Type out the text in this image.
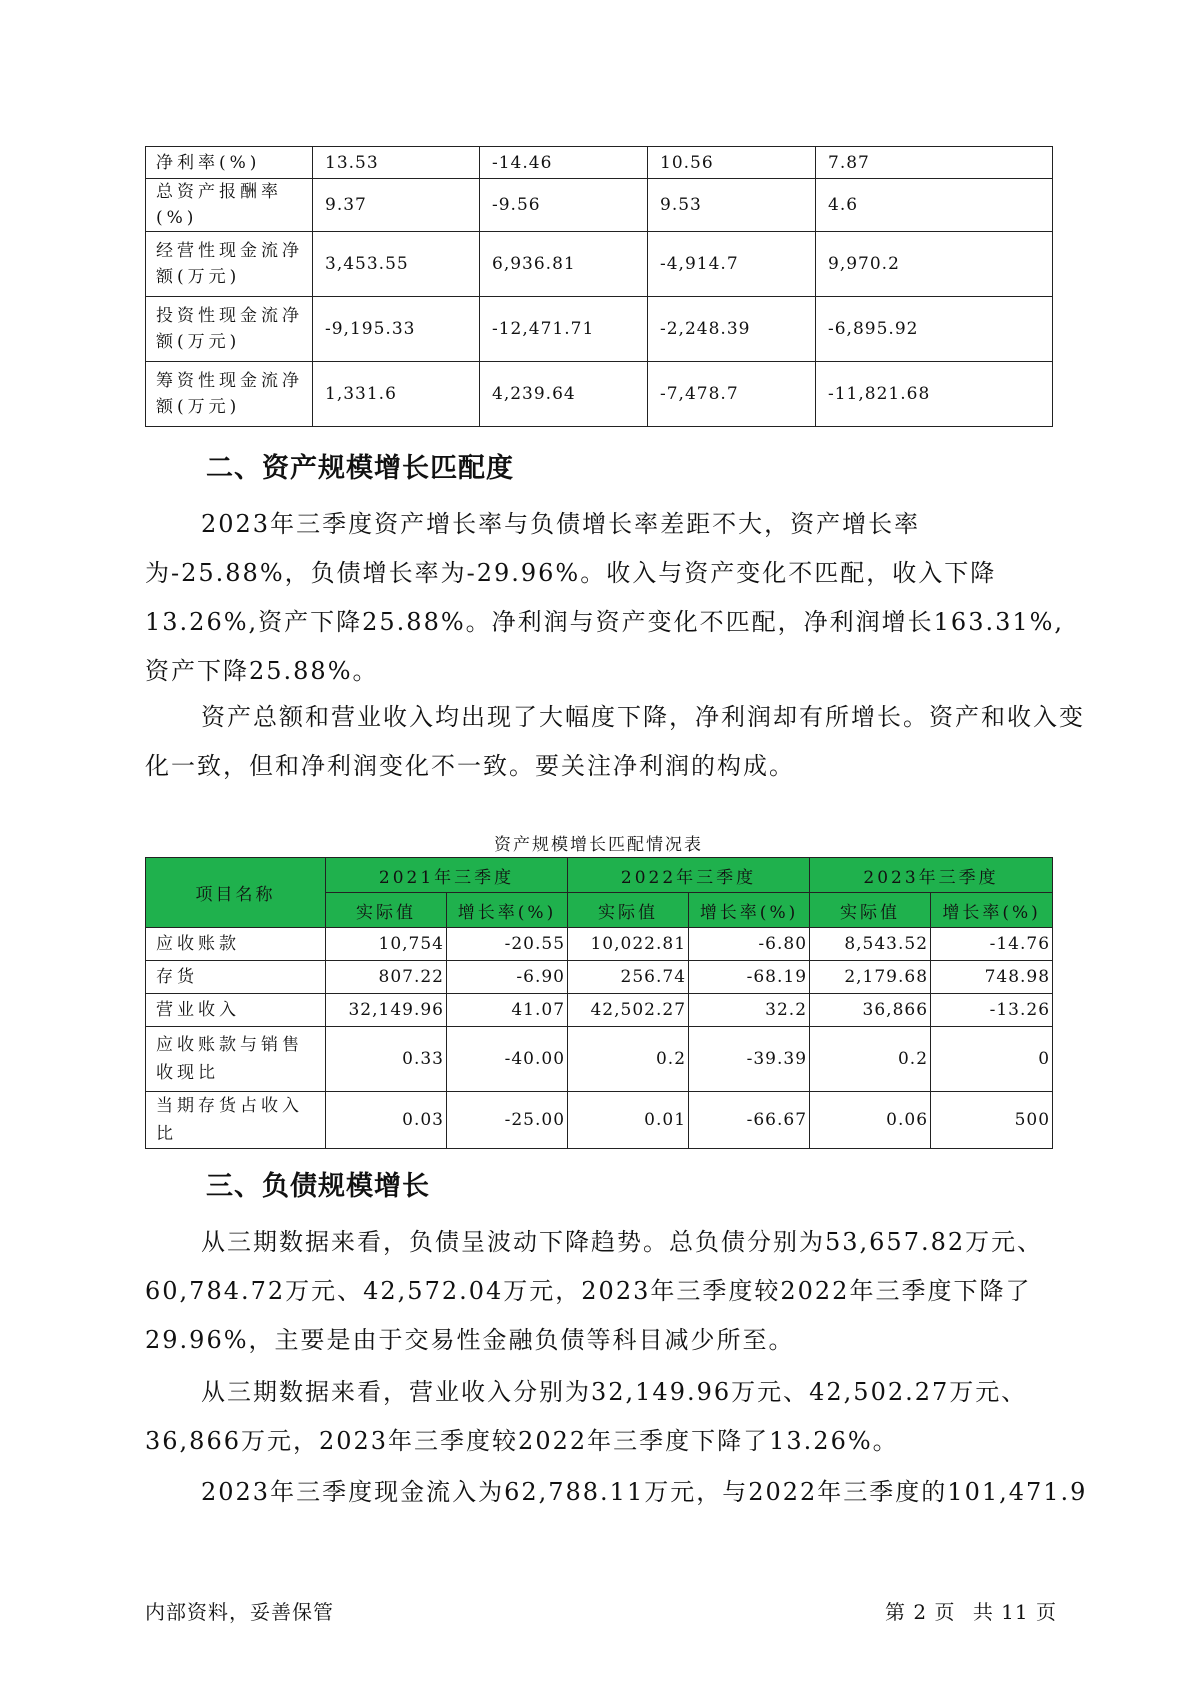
净利率(%)	13.53	-14.46	10.56	7.87
总资产报酬率(%)	9.37	-9.56	9.53	4.6
经营性现金流净额(万元)	3,453.55	6,936.81	-4,914.7	9,970.2
投资性现金流净额(万元)	-9,195.33	-12,471.71	-2,248.39	-6,895.92
筹资性现金流净额(万元)	1,331.6	4,239.64	-7,478.7	-11,821.68
二、资产规模增长匹配度

2023年三季度资产增长率与负债增长率差距不大，资产增长率为-25.88%，负债增长率为-29.96%。收入与资产变化不匹配，收入下降13.26%,资产下降25.88%。净利润与资产变化不匹配，净利润增长163.31%,资产下降25.88%。

资产总额和营业收入均出现了大幅度下降，净利润却有所增长。资产和收入变化一致，但和净利润变化不一致。要关注净利润的构成。

资产规模增长匹配情况表
项目名称	2021年三季度		2022年三季度		2023年三季度	
	实际值	增长率(%)	实际值	增长率(%)	实际值	增长率(%)
应收账款	10,754	-20.55	10,022.81	-6.80	8,543.52	-14.76
存货	807.22	-6.90	256.74	-68.19	2,179.68	748.98
营业收入	32,149.96	41.07	42,502.27	32.2	36,866	-13.26
应收账款与销售收现比	0.33	-40.00	0.2	-39.39	0.2	0
当期存货占收入比	0.03	-25.00	0.01	-66.67	0.06	500
三、负债规模增长

从三期数据来看，负债呈波动下降趋势。总负债分别为53,657.82万元、60,784.72万元、42,572.04万元，2023年三季度较2022年三季度下降了29.96%，主要是由于交易性金融负债等科目减少所至。

从三期数据来看，营业收入分别为32,149.96万元、42,502.27万元、36,866万元，2023年三季度较2022年三季度下降了13.26%。

2023年三季度现金流入为62,788.11万元，与2022年三季度的101,471.9

内部资料，妥善保管	第 2 页 共 11 页
